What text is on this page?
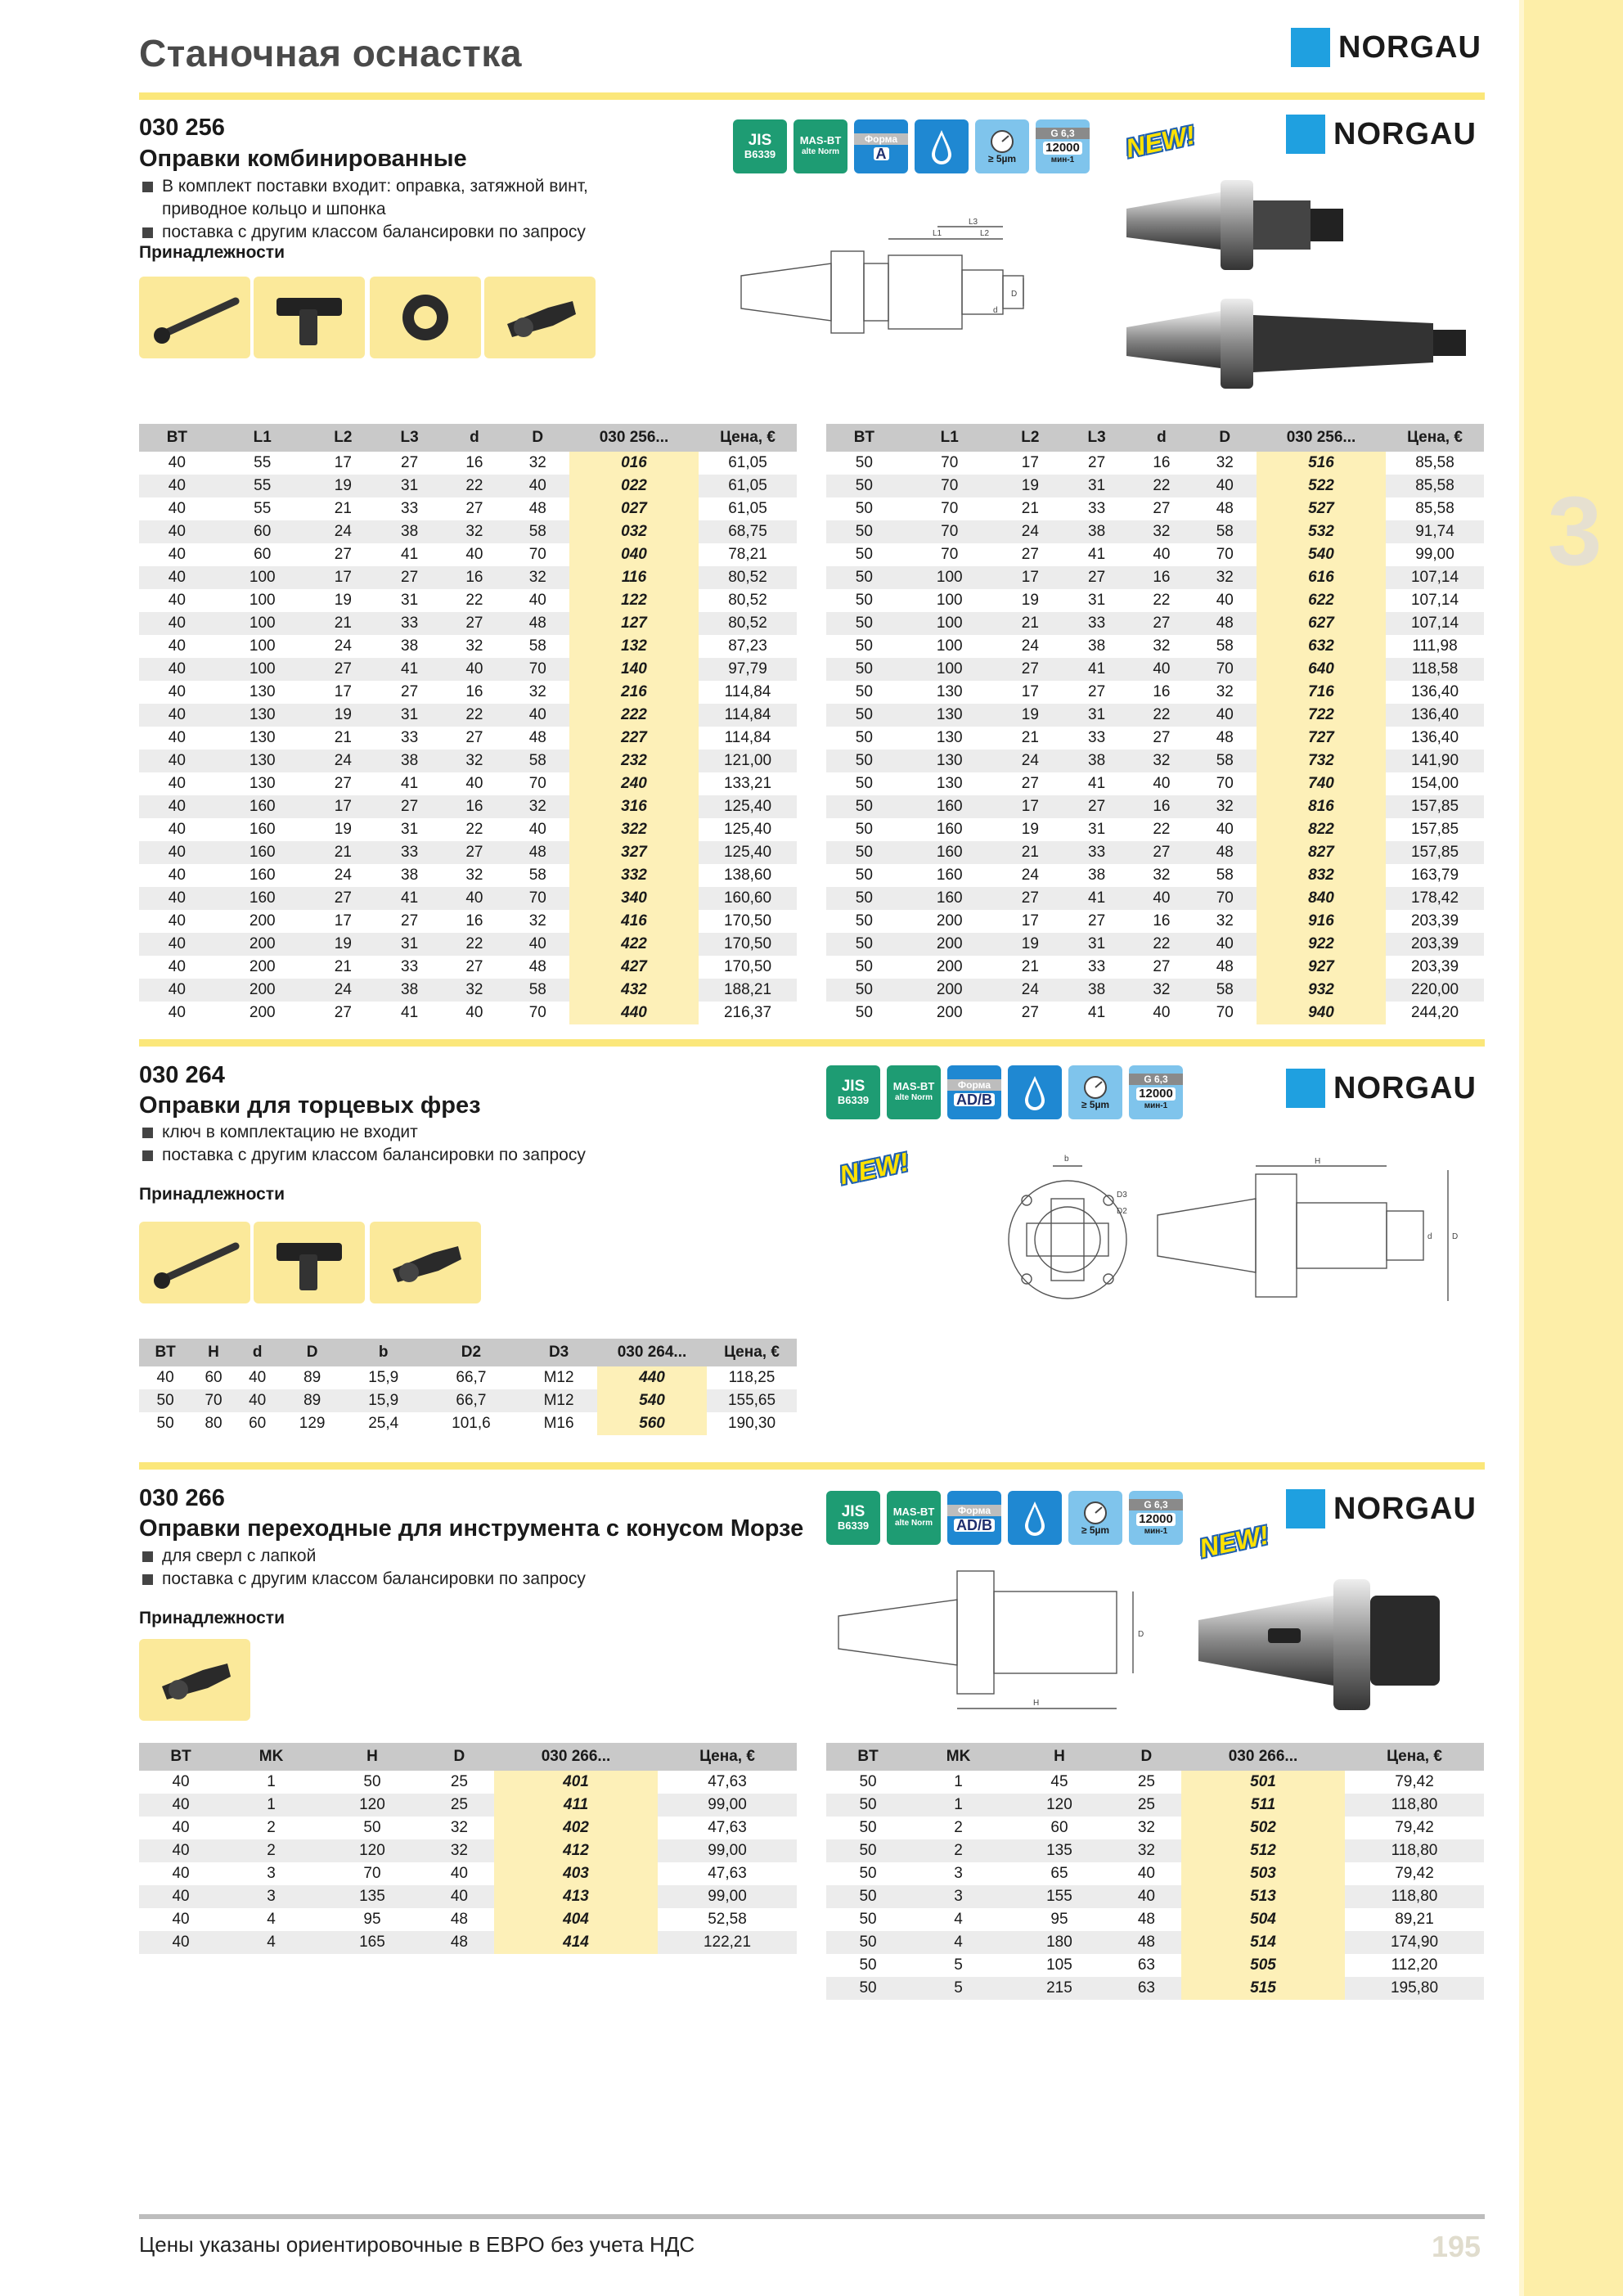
3
Станочная оснастка	NORGAU
030 256
Оправки комбинированные
В комплект поставки входит: оправка, затяжной винт, приводное кольцо и шпонка
поставка с другим классом балансировки по запросу
Принадлежности
JIS
B6339
MAS-BT
alte Norm
Форма
A	≥ 5µm
G 6,3
12000
мин-1 NEW!	NORGAU
L1
L3
L2
D
d
BT	L1	L2	L3	d	D	030 256...	Цена, €
40	55	17	27	16	32	016	61,05
40	55	19	31	22	40	022	61,05
40	55	21	33	27	48	027	61,05
40	60	24	38	32	58	032	68,75
40	60	27	41	40	70	040	78,21
40	100	17	27	16	32	116	80,52
40	100	19	31	22	40	122	80,52
40	100	21	33	27	48	127	80,52
40	100	24	38	32	58	132	87,23
40	100	27	41	40	70	140	97,79
40	130	17	27	16	32	216	114,84
40	130	19	31	22	40	222	114,84
40	130	21	33	27	48	227	114,84
40	130	24	38	32	58	232	121,00
40	130	27	41	40	70	240	133,21
40	160	17	27	16	32	316	125,40
40	160	19	31	22	40	322	125,40
40	160	21	33	27	48	327	125,40
40	160	24	38	32	58	332	138,60
40	160	27	41	40	70	340	160,60
40	200	17	27	16	32	416	170,50
40	200	19	31	22	40	422	170,50
40	200	21	33	27	48	427	170,50
40	200	24	38	32	58	432	188,21
40	200	27	41	40	70	440	216,37
BT	L1	L2	L3	d	D	030 256...	Цена, €
50	70	17	27	16	32	516	85,58
50	70	19	31	22	40	522	85,58
50	70	21	33	27	48	527	85,58
50	70	24	38	32	58	532	91,74
50	70	27	41	40	70	540	99,00
50	100	17	27	16	32	616	107,14
50	100	19	31	22	40	622	107,14
50	100	21	33	27	48	627	107,14
50	100	24	38	32	58	632	111,98
50	100	27	41	40	70	640	118,58
50	130	17	27	16	32	716	136,40
50	130	19	31	22	40	722	136,40
50	130	21	33	27	48	727	136,40
50	130	24	38	32	58	732	141,90
50	130	27	41	40	70	740	154,00
50	160	17	27	16	32	816	157,85
50	160	19	31	22	40	822	157,85
50	160	21	33	27	48	827	157,85
50	160	24	38	32	58	832	163,79
50	160	27	41	40	70	840	178,42
50	200	17	27	16	32	916	203,39
50	200	19	31	22	40	922	203,39
50	200	21	33	27	48	927	203,39
50	200	24	38	32	58	932	220,00
50	200	27	41	40	70	940	244,20
030 264
Оправки для торцевых фрез
ключ в комплектацию не входит
поставка с другим классом балансировки по запросу
Принадлежности
JIS
B6339
MAS-BT
alte Norm
Форма
AD/B	≥ 5µm
G 6,3
12000
мин-1
NORGAU
NEW!	b
D3
D2
H
d D
BT	H	d	D	b	D2	D3	030 264...	Цена, €
40	60	40	89	15,9	66,7	M12	440	118,25
50	70	40	89	15,9	66,7	M12	540	155,65
50	80	60	129	25,4	101,6	M16	560	190,30
030 266
Оправки переходные для инструмента с конусом Морзе
для сверл с лапкой
поставка с другим классом балансировки по запросу
Принадлежности
JIS
B6339
MAS-BT
alte Norm
Форма
AD/B	≥ 5µm
G 6,3
12000
мин-1
NORGAU
NEW!
D
H
BT	MK	H	D	030 266...	Цена, €
40	1	50	25	401	47,63
40	1	120	25	411	99,00
40	2	50	32	402	47,63
40	2	120	32	412	99,00
40	3	70	40	403	47,63
40	3	135	40	413	99,00
40	4	95	48	404	52,58
40	4	165	48	414	122,21
BT	MK	H	D	030 266...	Цена, €
50	1	45	25	501	79,42
50	1	120	25	511	118,80
50	2	60	32	502	79,42
50	2	135	32	512	118,80
50	3	65	40	503	79,42
50	3	155	40	513	118,80
50	4	95	48	504	89,21
50	4	180	48	514	174,90
50	5	105	63	505	112,20
50	5	215	63	515	195,80
Цены указаны ориентировочные в ЕВРО без учета НДС	195
